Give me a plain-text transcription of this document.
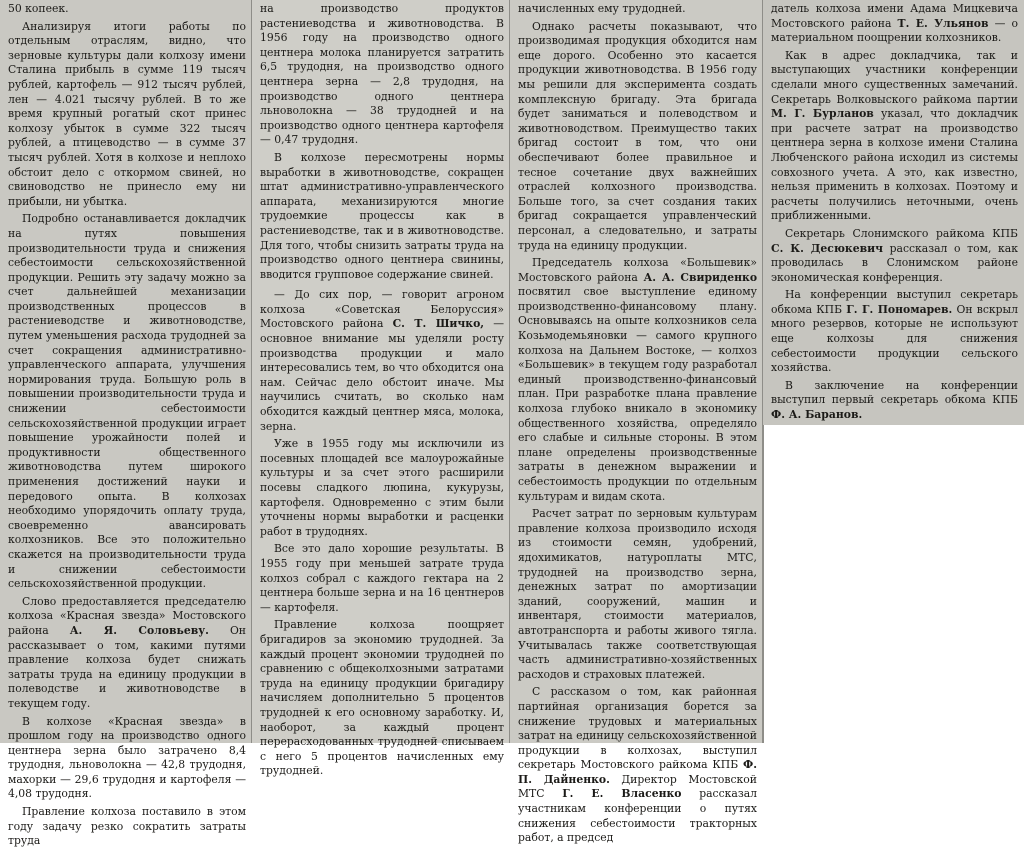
50 копеек.

Анализируя итоги работы по отдельным отраслям, видно, что зерновые культуры дали колхозу имени Сталина прибыль в сумме 119 тысяч рублей, картофель — 912 тысяч рублей, лен — 4.021 тысячу рублей. В то же время крупный рогатый скот принес колхозу убыток в сумме 322 тысяч рублей, а птицеводство — в сумме 37 тысяч рублей. Хотя в колхозе и неплохо обстоит дело с откормом свиней, но свиноводство не принесло ему ни прибыли, ни убытка.

Подробно останавливается докладчик на путях повышения производительности труда и снижения себестоимости сельскохозяйственной продукции. Решить эту задачу можно за счет дальнейшей механизации производственных процессов в растениеводстве и животноводстве, путем уменьшения расхода трудодней за счет сокращения административно-управленческого аппарата, улучшения нормирования труда. Большую роль в повышении производительности труда и снижении себестоимости сельскохозяйственной продукции играет повышение урожайности полей и продуктивности общественного животноводства путем широкого применения достижений науки и передового опыта. В колхозах необходимо упорядочить оплату труда, своевременно авансировать колхозников. Все это положительно скажется на производительности труда и снижении себестоимости сельскохозяйственной продукции.

Слово предоставляется председателю колхоза «Красная звезда» Мостовского района А. Я. Соловьеву. Он рассказывает о том, какими путями правление колхоза будет снижать затраты труда на единицу продукции в полеводстве и животноводстве в текущем году.

В колхозе «Красная звезда» в прошлом году на производство одного центнера зерна было затрачено 8,4 трудодня, льноволокна — 42,8 трудодня, махорки — 29,6 трудодня и картофеля — 4,08 трудодня.

Правление колхоза поставило в этом году задачу резко сократить затраты труда

на производство продуктов растениеводства и животноводства. В 1956 году на производство одного центнера молока планируется затратить 6,5 трудодня, на производство одного центнера зерна — 2,8 трудодня, на производство одного центнера льноволокна — 38 трудодней и на производство одного центнера картофеля — 0,47 трудодня.

В колхозе пересмотрены нормы выработки в животноводстве, сокращен штат административно-управленческого аппарата, механизируются многие трудоемкие процессы как в растениеводстве, так и в животноводстве. Для того, чтобы снизить затраты труда на производство одного центнера свинины, вводится групповое содержание свиней.

— До сих пор, — говорит агроном колхоза «Советская Белоруссия» Мостовского района С. Т. Шичко, — основное внимание мы уделяли росту производства продукции и мало интересовались тем, во что обходится она нам. Сейчас дело обстоит иначе. Мы научились считать, во сколько нам обходится каждый центнер мяса, молока, зерна.

Уже в 1955 году мы исключили из посевных площадей все малоурожайные культуры и за счет этого расширили посевы сладкого люпина, кукурузы, картофеля. Одновременно с этим были уточнены нормы выработки и расценки работ в трудоднях.

Все это дало хорошие результаты. В 1955 году при меньшей затрате труда колхоз собрал с каждого гектара на 2 центнера больше зерна и на 16 центнеров — картофеля.

Правление колхоза поощряет бригадиров за экономию трудодней. За каждый процент экономии трудодней по сравнению с общеколхозными затратами труда на единицу продукции бригадиру начисляем дополнительно 5 процентов трудодней к его основному заработку. И, наоборот, за каждый процент перерасходованных трудодней списываем с него 5 процентов начисленных ему трудодней.

начисленных ему трудодней.

Однако расчеты показывают, что производимая продукция обходится нам еще дорого. Особенно это касается продукции животноводства. В 1956 году мы решили для эксперимента создать комплексную бригаду. Эта бригада будет заниматься и полеводством и животноводством. Преимущество таких бригад состоит в том, что они обеспечивают более правильное и тесное сочетание двух важнейших отраслей колхозного производства. Больше того, за счет создания таких бригад сокращается управленческий персонал, а следовательно, и затраты труда на единицу продукции.

Председатель колхоза «Большевик» Мостовского района А. А. Свириденко посвятил свое выступление единому производственно-финансовому плану. Основываясь на опыте колхозников села Козьмодемьяновки — самого крупного колхоза на Дальнем Востоке, — колхоз «Большевик» в текущем году разработал единый производственно-финансовый план. При разработке плана правление колхоза глубоко вникало в экономику общественного хозяйства, определяло его слабые и сильные стороны. В этом плане определены производственные затраты в денежном выражении и себестоимость продукции по отдельным культурам и видам скота.

Расчет затрат по зерновым культурам правление колхоза производило исходя из стоимости семян, удобрений, ядохимикатов, натуроплаты МТС, трудодней на производство зерна, денежных затрат по амортизации зданий, сооружений, машин и инвентаря, стоимости материалов, автотранспорта и работы живого тягла. Учитывалась также соответствующая часть административно-хозяйственных расходов и страховых платежей.

С рассказом о том, как районная партийная организация борется за снижение трудовых и материальных затрат на единицу сельскохозяйственной продукции в колхозах, выступил секретарь Мостовского райкома КПБ Ф. П. Дайненко. Директор Мостовской МТС Г. Е. Власенко рассказал участникам конференции о путях снижения себестоимости тракторных работ, а председ

датель колхоза имени Адама Мицкевича Мостовского района Т. Е. Ульянов — о материальном поощрении колхозников.

Как в адрес докладчика, так и выступающих участники конференции сделали много существенных замечаний. Секретарь Волковыского райкома партии М. Г. Бурланов указал, что докладчик при расчете затрат на производство центнера зерна в колхозе имени Сталина Любченского района исходил из системы совхозного учета. А это, как известно, нельзя применить в колхозах. Поэтому и расчеты получились неточными, очень приближенными.

Секретарь Слонимского райкома КПБ С. К. Десюкевич рассказал о том, как проводилась в Слонимском районе экономическая конференция.

На конференции выступил секретарь обкома КПБ Г. Г. Пономарев. Он вскрыл много резервов, которые не используют еще колхозы для снижения себестоимости продукции сельского хозяйства.

В заключение на конференции выступил первый секретарь обкома КПБ Ф. А. Баранов.
